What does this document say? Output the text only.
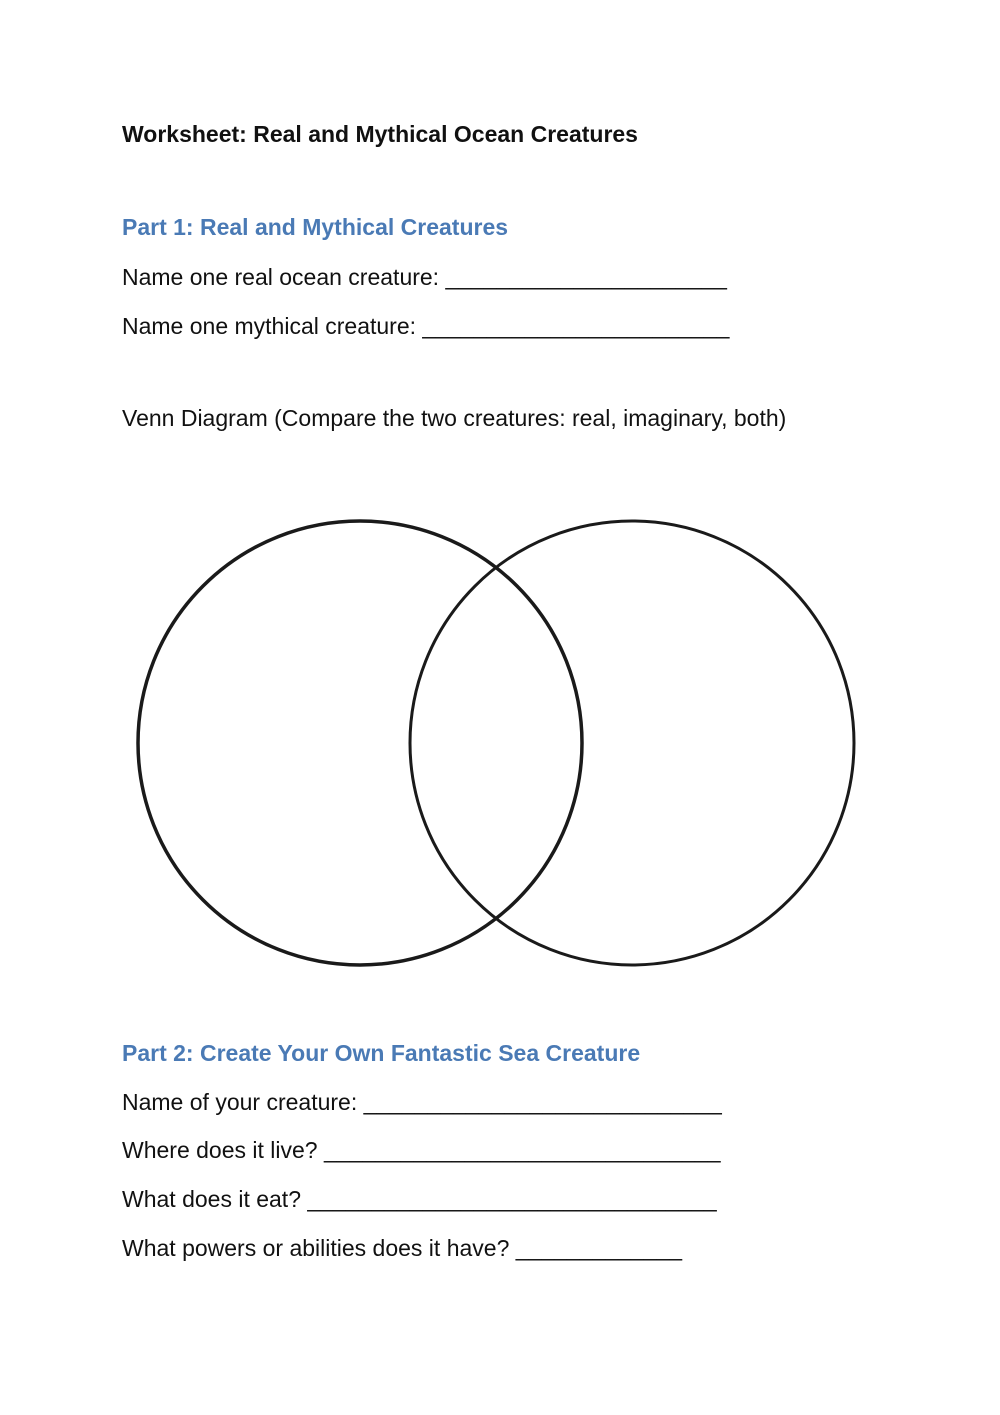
Worksheet: Real and Mythical Ocean Creatures
Part 1: Real and Mythical Creatures
Name one real ocean creature: ______________________
Name one mythical creature: ________________________
Venn Diagram (Compare the two creatures: real, imaginary, both)
Part 2: Create Your Own Fantastic Sea Creature
Name of your creature: ____________________________
Where does it live? _______________________________
What does it eat? ________________________________
What powers or abilities does it have? _____________
